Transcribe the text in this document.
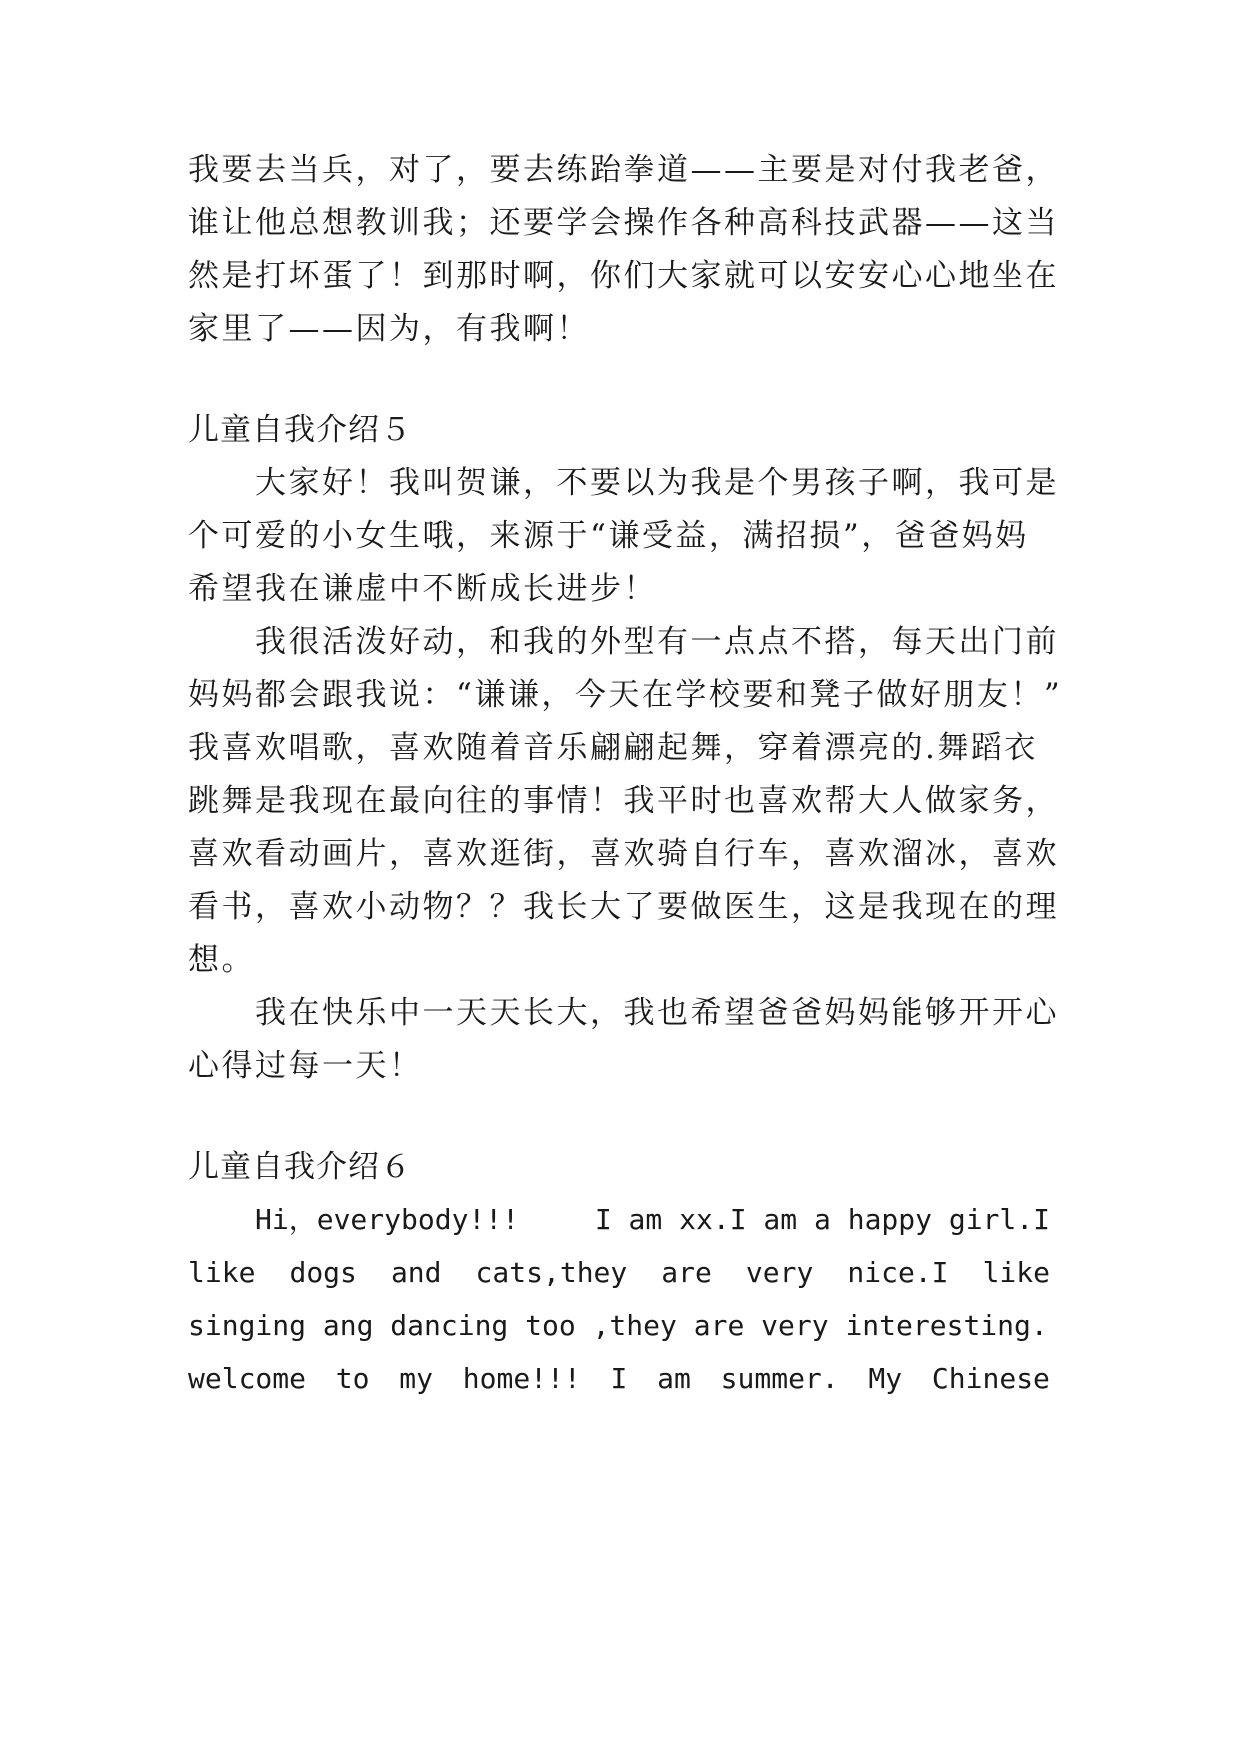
我要去当兵，对了，要去练跆拳道——主要是对付我老爸，
谁让他总想教训我；还要学会操作各种高科技武器——这当
然是打坏蛋了！到那时啊，你们大家就可以安安心心地坐在
家里了——因为，有我啊！
儿童自我介绍５
大家好！我叫贺谦，不要以为我是个男孩子啊，我可是
个可爱的小女生哦，来源于“谦受益，满招损”，爸爸妈妈
希望我在谦虚中不断成长进步！
我很活泼好动，和我的外型有一点点不搭，每天出门前
妈妈都会跟我说：“谦谦，今天在学校要和凳子做好朋友！”
我喜欢唱歌，喜欢随着音乐翩翩起舞，穿着漂亮的.舞蹈衣
跳舞是我现在最向往的事情！我平时也喜欢帮大人做家务，
喜欢看动画片，喜欢逛街，喜欢骑自行车，喜欢溜冰，喜欢
看书，喜欢小动物？？我长大了要做医生，这是我现在的理
想。
我在快乐中一天天长大，我也希望爸爸妈妈能够开开心
心得过每一天！
儿童自我介绍６
Hi，everybody!!!	I am xx.I am a happy girl.I
like dogs and cats,they are very nice.I like
singing ang dancing too ,they are very interesting.
welcome to my home!!! I am summer. My Chinese
